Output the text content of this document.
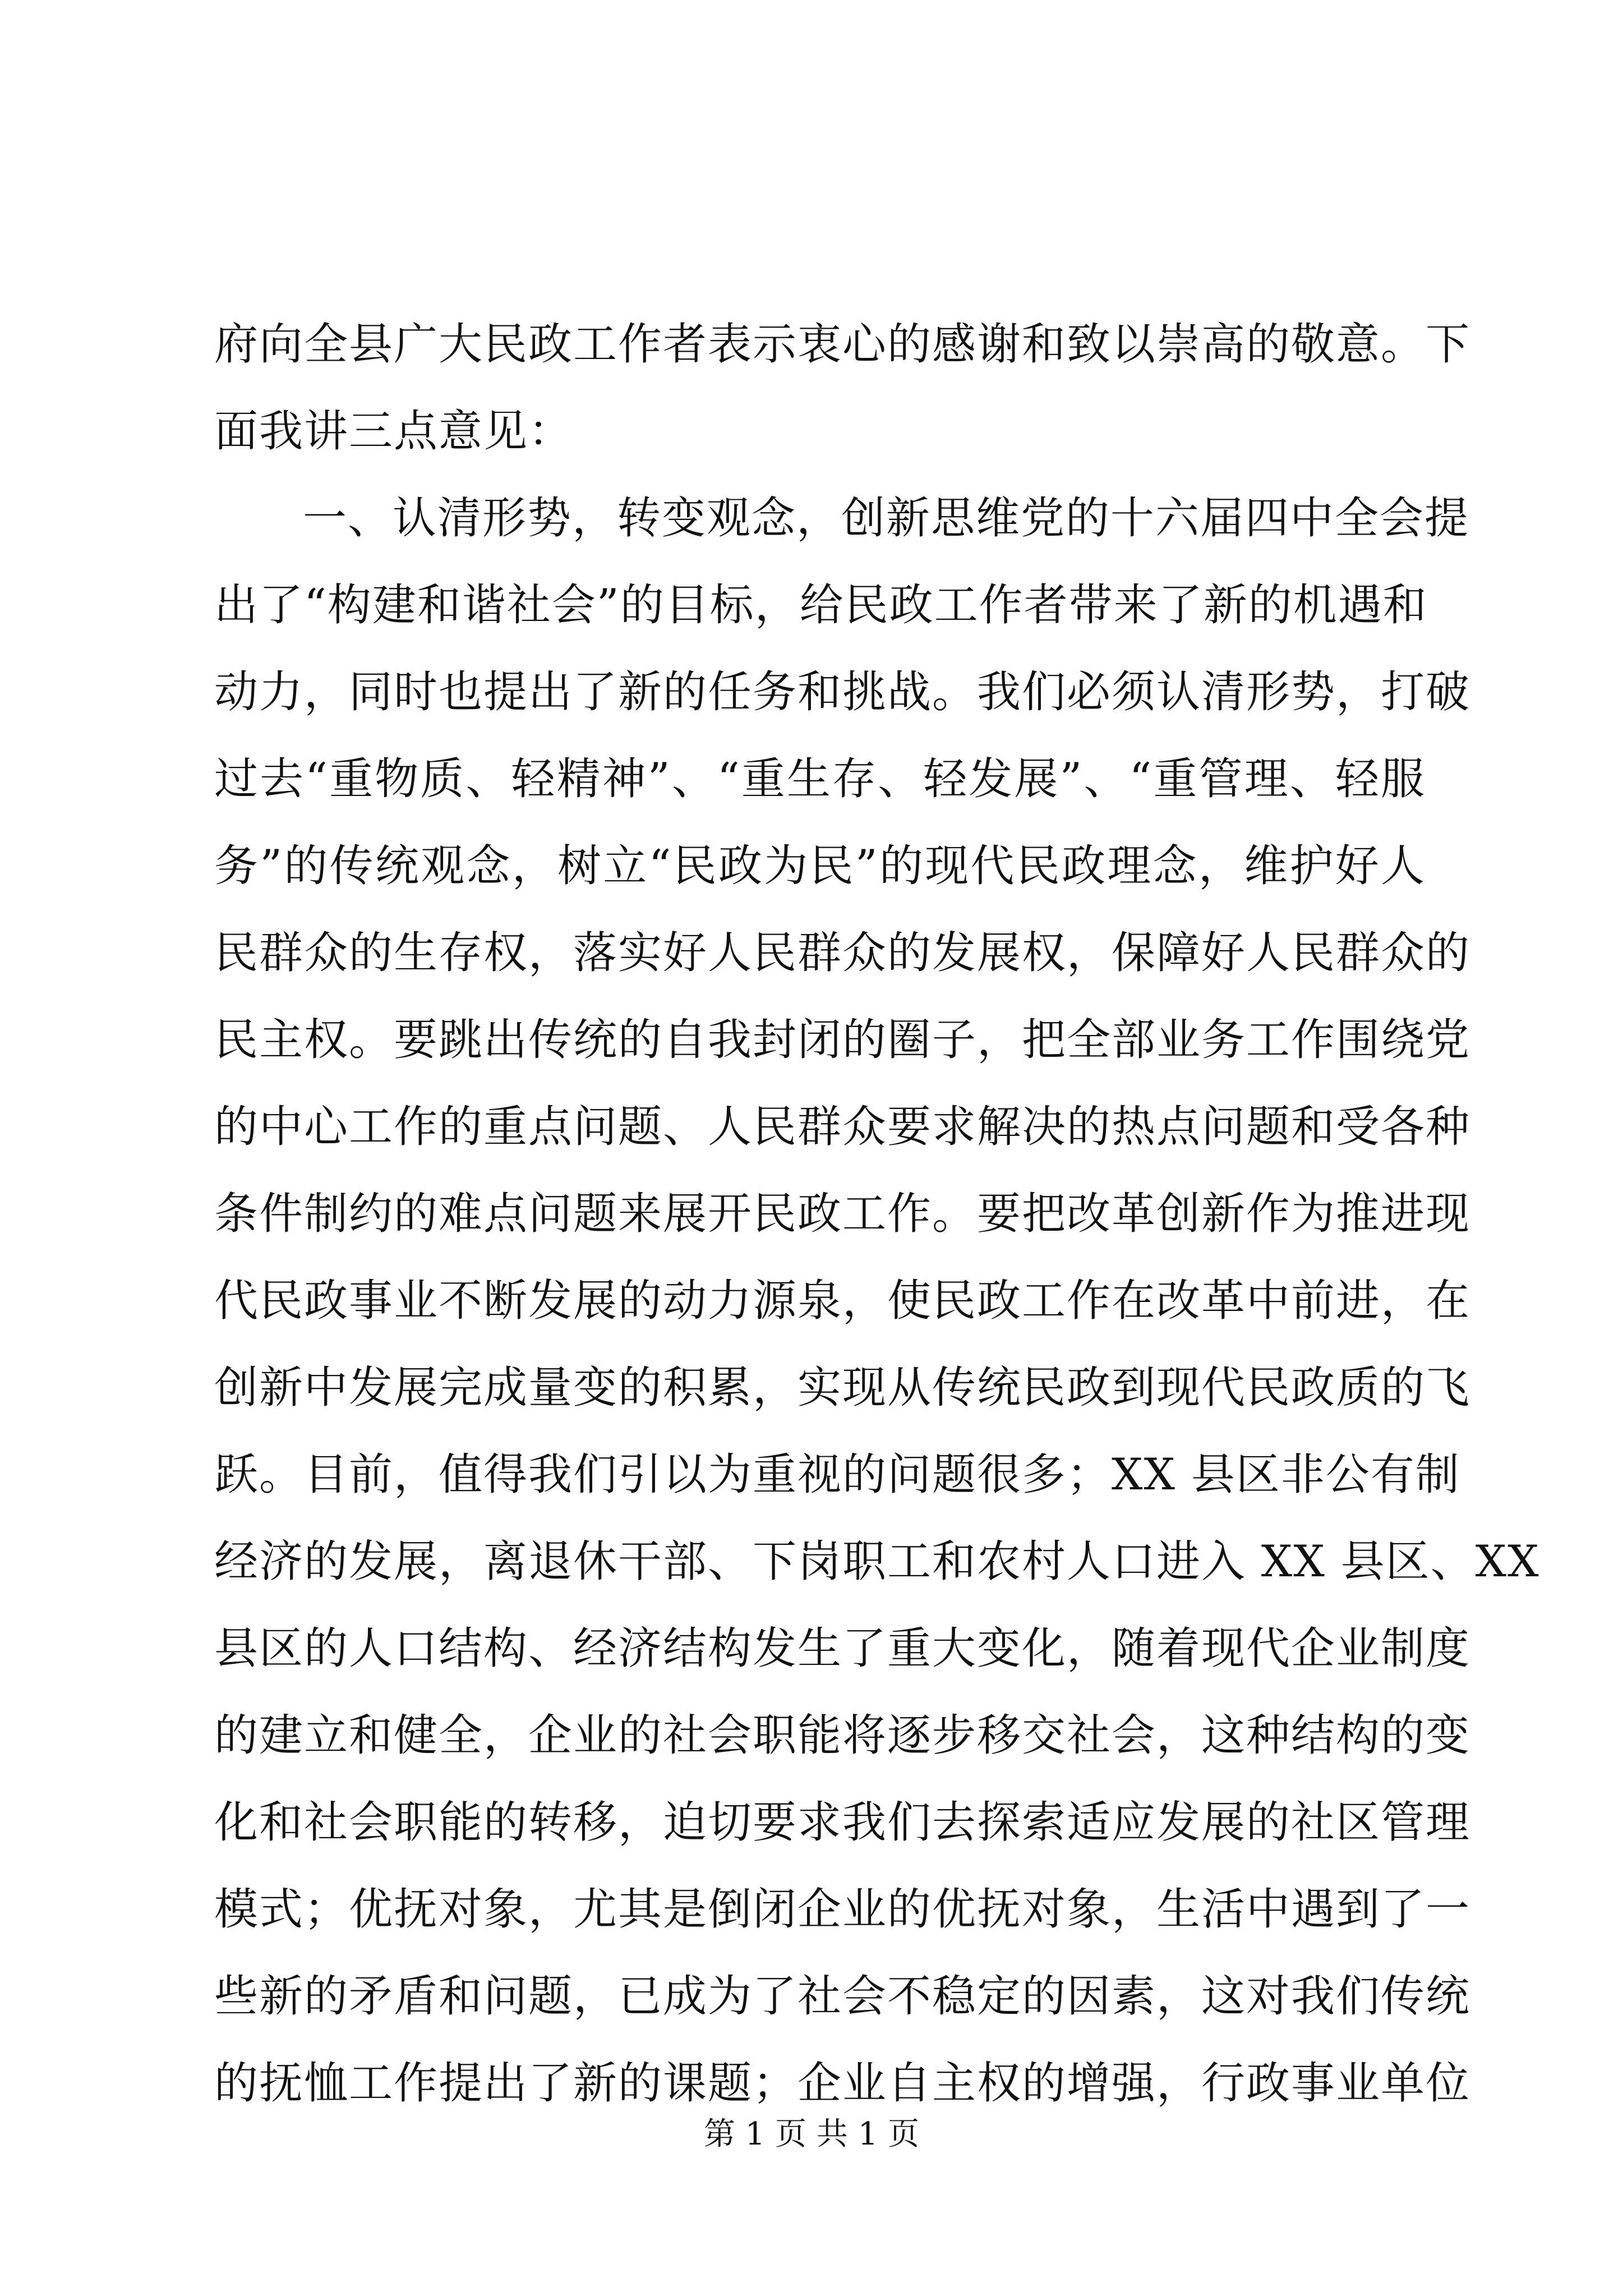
府向全县广大民政工作者表示衷心的感谢和致以崇高的敬意。下
面我讲三点意见：
一、认清形势，转变观念，创新思维党的十六届四中全会提
出了“构建和谐社会”的目标，给民政工作者带来了新的机遇和
动力，同时也提出了新的任务和挑战。我们必须认清形势，打破
过去“重物质、轻精神”、“重生存、轻发展”、“重管理、轻服
务”的传统观念，树立“民政为民”的现代民政理念，维护好人
民群众的生存权，落实好人民群众的发展权，保障好人民群众的
民主权。要跳出传统的自我封闭的圈子，把全部业务工作围绕党
的中心工作的重点问题、人民群众要求解决的热点问题和受各种
条件制约的难点问题来展开民政工作。要把改革创新作为推进现
代民政事业不断发展的动力源泉，使民政工作在改革中前进，在
创新中发展完成量变的积累，实现从传统民政到现代民政质的飞
跃。目前，值得我们引以为重视的问题很多；XX 县区非公有制
经济的发展，离退休干部、下岗职工和农村人口进入 XX 县区、XX
县区的人口结构、经济结构发生了重大变化，随着现代企业制度
的建立和健全，企业的社会职能将逐步移交社会，这种结构的变
化和社会职能的转移，迫切要求我们去探索适应发展的社区管理
模式；优抚对象，尤其是倒闭企业的优抚对象，生活中遇到了一
些新的矛盾和问题，已成为了社会不稳定的因素，这对我们传统
的抚恤工作提出了新的课题；企业自主权的增强，行政事业单位
第 1 页 共 1 页
